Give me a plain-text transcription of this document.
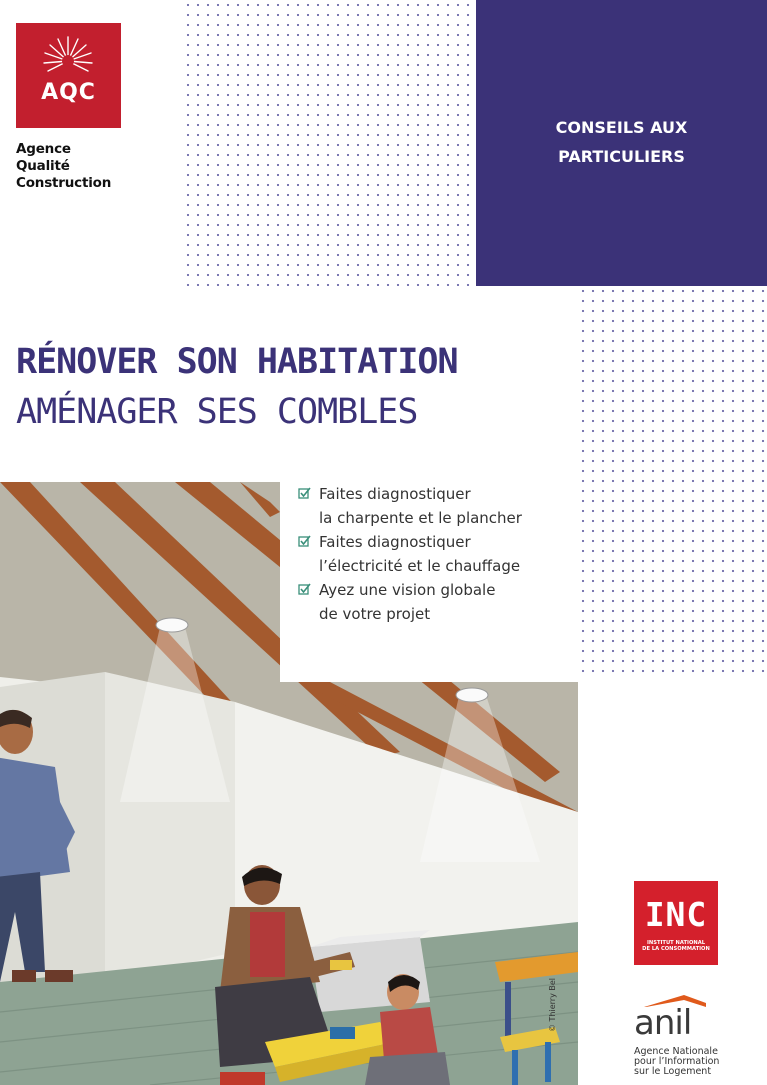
AQC
Agence
Qualité
Construction
CONSEILS AUX
PARTICULIERS
RÉNOVER SON HABITATION
AMÉNAGER SES COMBLES
Faites diagnostiquer
la charpente et le plancher
Faites diagnostiquer
l’électricité et le chauffage
Ayez une vision globale
de votre projet
© Thierry Bel
INC
INSTITUT NATIONAL
DE LA CONSOMMATION
anil
Agence Nationale
pour l’Information
sur le Logement
